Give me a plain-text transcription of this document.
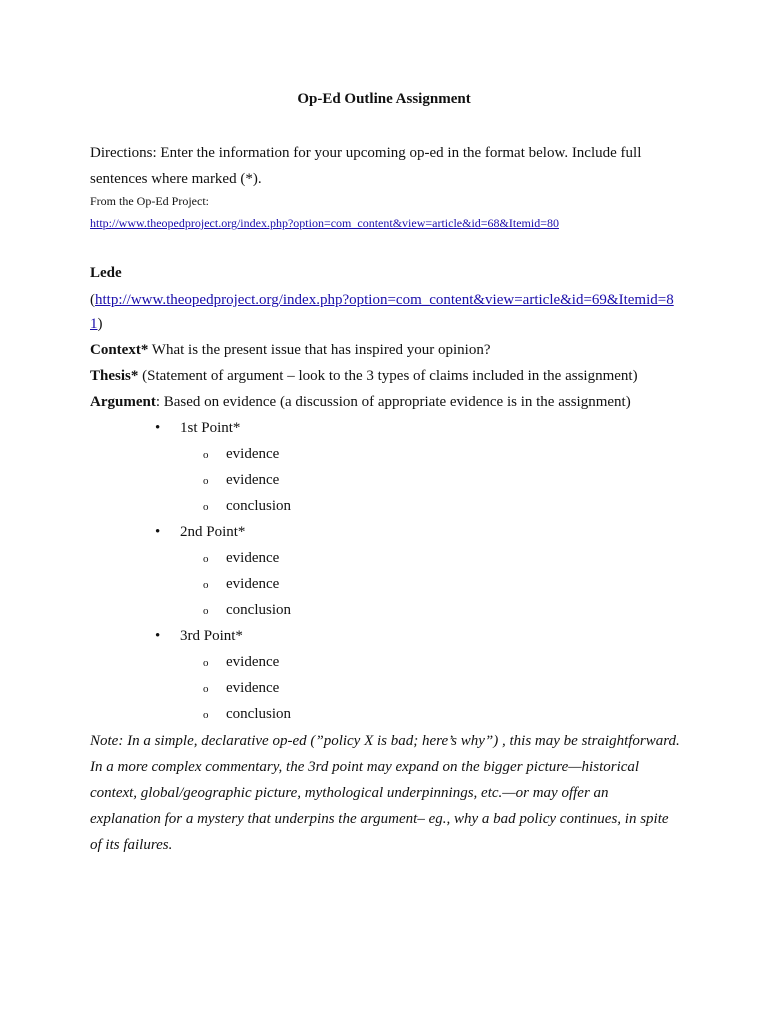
Op-Ed Outline Assignment
Directions: Enter the information for your upcoming op-ed in the format below. Include full sentences where marked (*).
From the Op-Ed Project:
http://www.theopedproject.org/index.php?option=com_content&view=article&id=68&Itemid=80
Lede
(http://www.theopedproject.org/index.php?option=com_content&view=article&id=69&Itemid=81)
Context* What is the present issue that has inspired your opinion?
Thesis* (Statement of argument – look to the 3 types of claims included in the assignment)
Argument: Based on evidence (a discussion of appropriate evidence is in the assignment)
• 1st Point*
o evidence
o evidence
o conclusion
• 2nd Point*
o evidence
o evidence
o conclusion
• 3rd Point*
o evidence
o evidence
o conclusion
Note: In a simple, declarative op-ed (”policy X is bad; here’s why”) , this may be straightforward. In a more complex commentary, the 3rd point may expand on the bigger picture—historical context, global/geographic picture, mythological underpinnings, etc.—or may offer an explanation for a mystery that underpins the argument– eg., why a bad policy continues, in spite of its failures.
